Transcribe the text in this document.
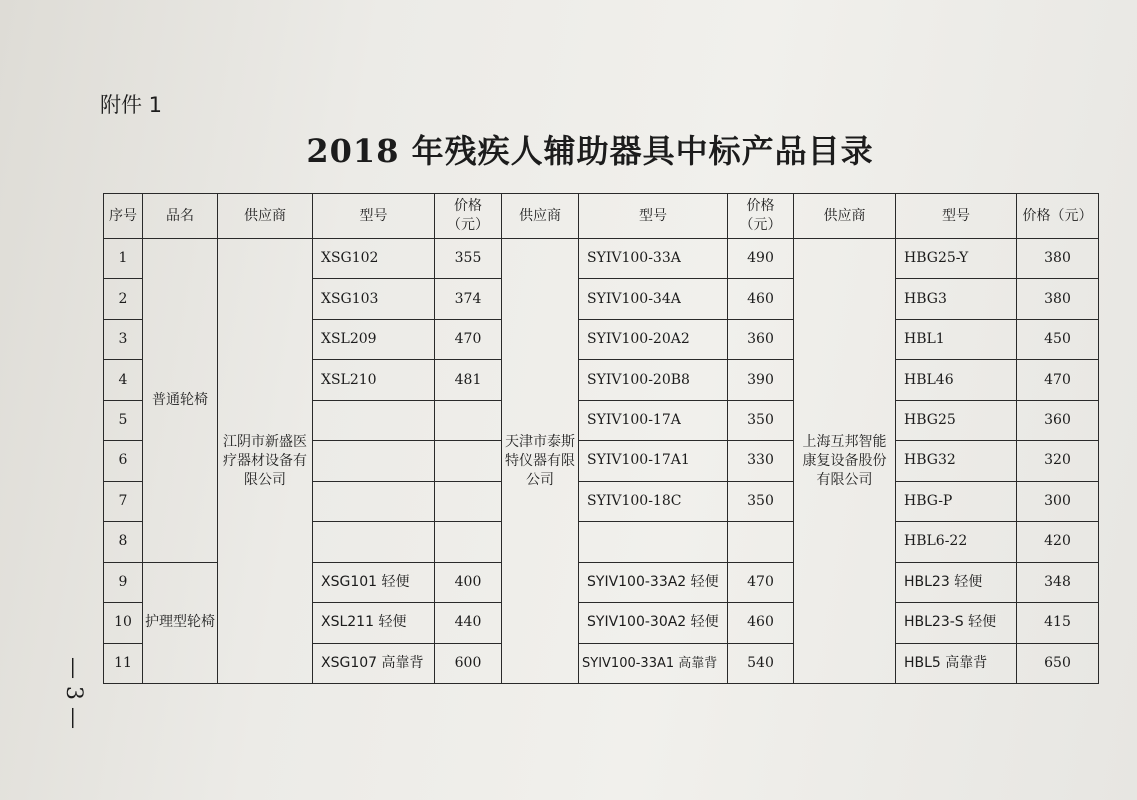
附件 1
2018 年残疾人辅助器具中标产品目录
— 3 —
序号	品名	供应商	型号	价格（元）	供应商	型号	价格（元）	供应商	型号	价格（元）
1	普通轮椅	江阴市新盛医疗器材设备有限公司	XSG102	355	天津市泰斯特仪器有限公司	SYIV100-33A	490	上海互邦智能康复设备股份有限公司	HBG25-Y	380
2			XSG103	374		SYIV100-34A	460		HBG3	380
3			XSL209	470		SYIV100-20A2	360		HBL1	450
4			XSL210	481		SYIV100-20B8	390		HBL46	470
5						SYIV100-17A	350		HBG25	360
6						SYIV100-17A1	330		HBG32	320
7						SYIV100-18C	350		HBG-P	300
8									HBL6-22	420
9	护理型轮椅		XSG101 轻便	400		SYIV100-33A2 轻便	470		HBL23 轻便	348
10			XSL211 轻便	440		SYIV100-30A2 轻便	460		HBL23-S 轻便	415
11			XSG107 高靠背	600		SYIV100-33A1 高靠背	540		HBL5 高靠背	650
